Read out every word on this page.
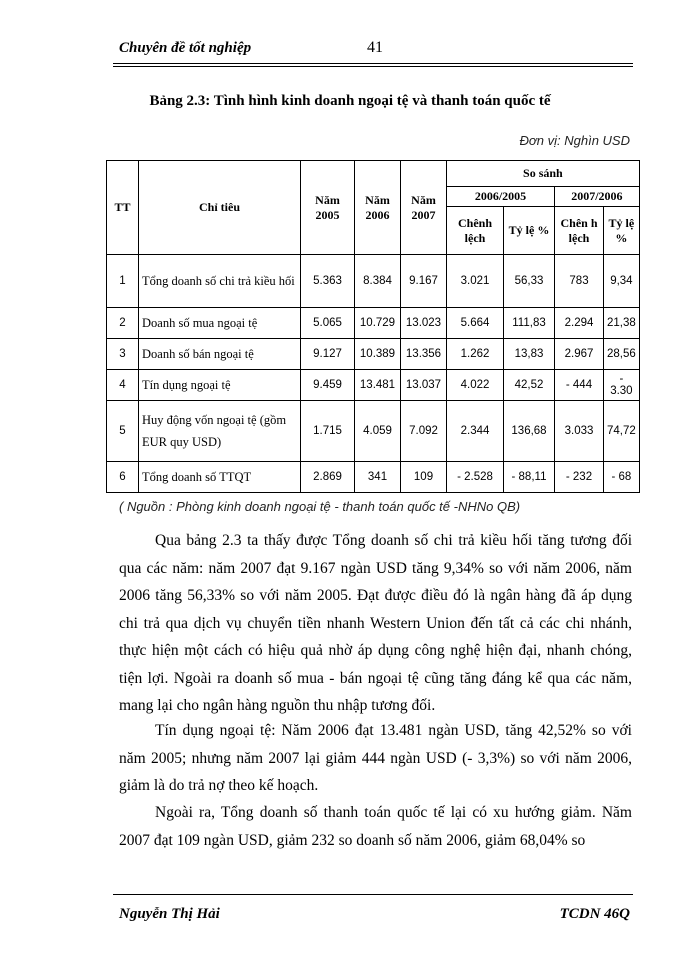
Chuyên đề tốt nghiệp	41
Bảng 2.3: Tình hình kinh doanh ngoại tệ và thanh toán quốc tế
Đơn vị: Nghìn USD
TT	Chỉ tiêu	Năm 2005	Năm 2006	Năm 2007	So sánh			
					2006/2005		2007/2006	
					Chênh lệch	Tỷ lệ %	Chên h lệch	Tỷ lệ %
1	Tổng doanh số chi trả kiều hối	5.363	8.384	9.167	3.021	56,33	783	9,34
2	Doanh số mua ngoại tệ	5.065	10.729	13.023	5.664	111,83	2.294	21,38
3	Doanh số bán ngoại tệ	9.127	10.389	13.356	1.262	13,83	2.967	28,56
4	Tín dụng ngoại tệ	9.459	13.481	13.037	4.022	42,52	- 444	- 3.30
5	Huy động vốn ngoại tệ (gồm EUR quy USD)	1.715	4.059	7.092	2.344	136,68	3.033	74,72
6	Tổng doanh số TTQT	2.869	341	109	- 2.528	- 88,11	- 232	- 68
( Nguồn : Phòng kinh doanh ngoại tệ - thanh toán quốc tế -NHNo QB)
Qua bảng 2.3 ta thấy được Tổng doanh số chi trả kiều hối tăng tương đối qua các năm: năm 2007 đạt 9.167 ngàn USD tăng 9,34% so với năm 2006, năm 2006 tăng 56,33% so với năm 2005. Đạt được điều đó là ngân hàng đã áp dụng chi trả qua dịch vụ chuyển tiền nhanh Western Union đến tất cả các chi nhánh, thực hiện một cách có hiệu quả nhờ áp dụng công nghệ hiện đại, nhanh chóng, tiện lợi. Ngoài ra doanh số mua - bán ngoại tệ cũng tăng đáng kể qua các năm, mang lại cho ngân hàng nguồn thu nhập tương đối.
Tín dụng ngoại tệ: Năm 2006 đạt 13.481 ngàn USD, tăng 42,52% so với năm 2005; nhưng năm 2007 lại giảm 444 ngàn USD (- 3,3%) so với năm 2006, giảm là do trả nợ theo kế hoạch.
Ngoài ra, Tổng doanh số thanh toán quốc tế lại có xu hướng giảm. Năm 2007 đạt 109 ngàn USD, giảm 232 so doanh số năm 2006, giảm 68,04% so
Nguyễn Thị Hải	TCDN 46Q
